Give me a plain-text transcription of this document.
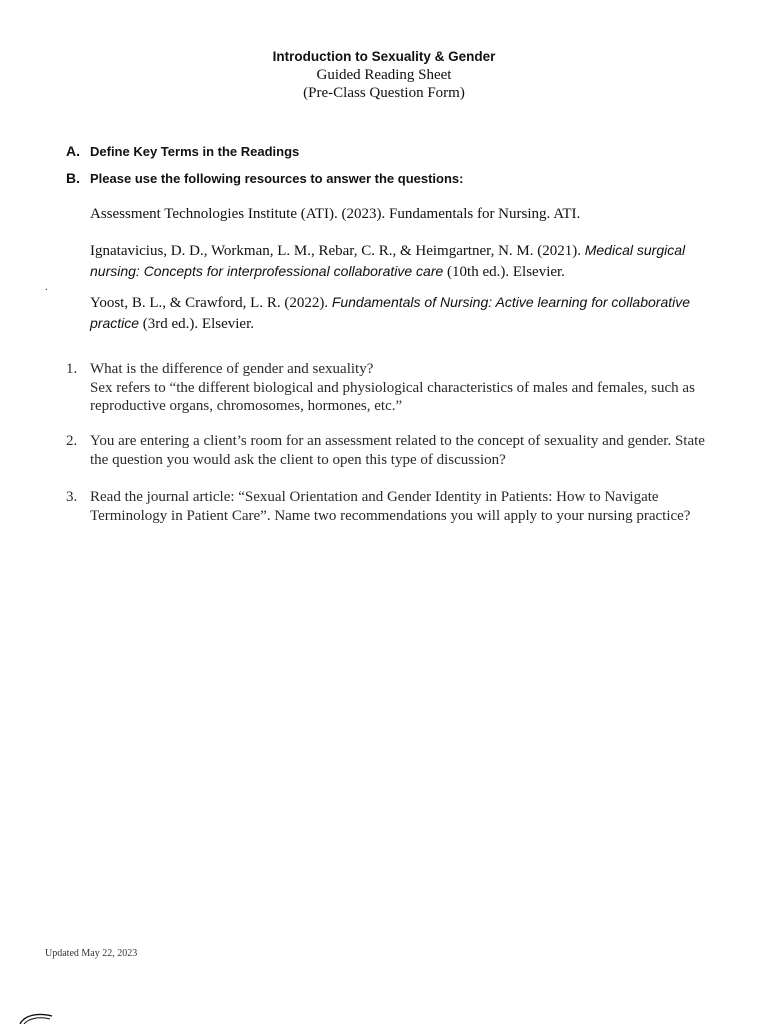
Introduction to Sexuality & Gender
Guided Reading Sheet
(Pre-Class Question Form)
A. Define Key Terms in the Readings
B. Please use the following resources to answer the questions:
Assessment Technologies Institute (ATI). (2023). Fundamentals for Nursing. ATI.
Ignatavicius, D. D., Workman, L. M., Rebar, C. R., & Heimgartner, N. M. (2021). Medical surgical nursing: Concepts for interprofessional collaborative care (10th ed.). Elsevier.
.
Yoost, B. L., & Crawford, L. R. (2022). Fundamentals of Nursing: Active learning for collaborative practice (3rd ed.). Elsevier.
1. What is the difference of gender and sexuality?
Sex refers to “the different biological and physiological characteristics of males and females, such as reproductive organs, chromosomes, hormones, etc.”
2. You are entering a client’s room for an assessment related to the concept of sexuality and gender. State the question you would ask the client to open this type of discussion?
3. Read the journal article: “Sexual Orientation and Gender Identity in Patients: How to Navigate Terminology in Patient Care”. Name two recommendations you will apply to your nursing practice?
Updated May 22, 2023
